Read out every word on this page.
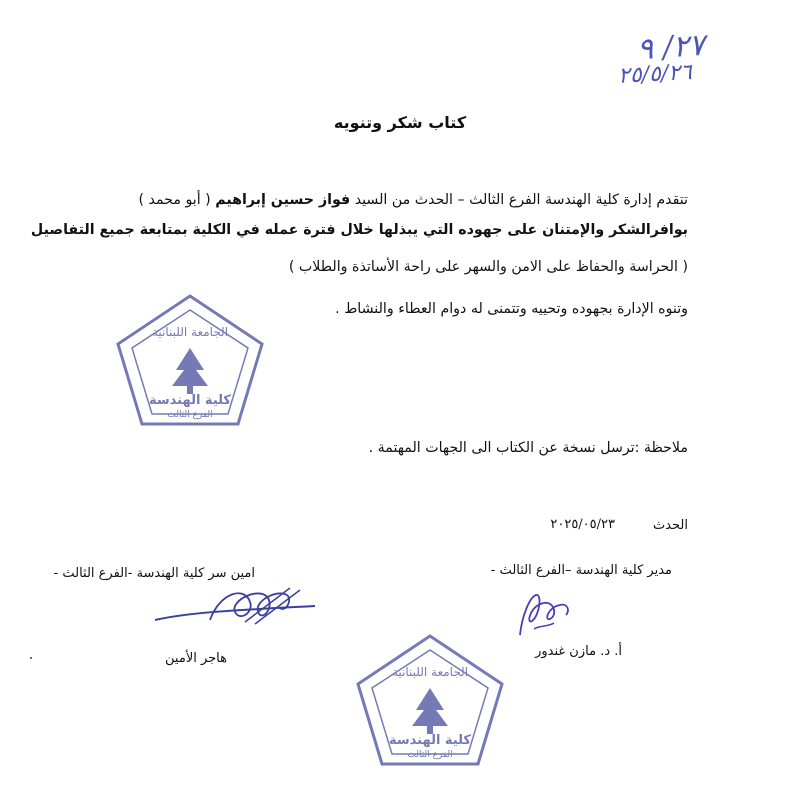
٢٧/ ٩
٢٥/٥/٢٦
كتاب شكر وتنويه
تتقدم إدارة كلية الهندسة الفرع الثالث – الحدث من السيد فواز حسين إبراهيم ( أبو محمد )
بوافرالشكر والإمتنان على جهوده التي يبذلها خلال فترة عمله في الكلية بمتابعة جميع التفاصيل
( الحراسة والحفاظ على الامن والسهر على راحة الأساتذة والطلاب )
وتنوه الإدارة بجهوده وتحييه وتتمنى له دوام العطاء والنشاط .
ملاحظة :ترسل نسخة عن الكتاب الى الجهات المهتمة .
الحدث
٢٠٢٥/٠٥/٢٣
مدير كلية الهندسة –الفرع الثالث -
امين سر كلية الهندسة -الفرع الثالث -
هاجر الأمين	أ. د. مازن غندور
الجامعة اللبنانية
كلية الهندسة
الفرع الثالث
الجامعة اللبنانية
كلية الهندسة
الفرع الثالث
